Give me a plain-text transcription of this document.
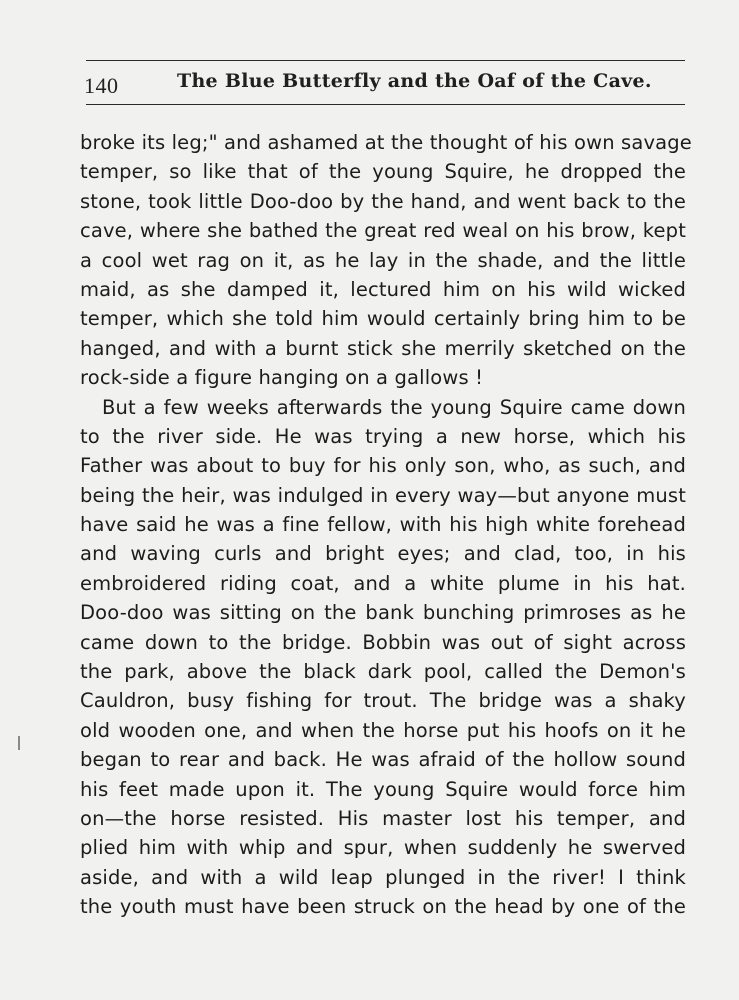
140	The Blue Butterfly and the Oaf of the Cave.
broke its leg;" and ashamed at the thought of his own savage
temper, so like that of the young Squire, he dropped the
stone, took little Doo-doo by the hand, and went back to the
cave, where she bathed the great red weal on his brow, kept
a cool wet rag on it, as he lay in the shade, and the little
maid, as she damped it, lectured him on his wild wicked
temper, which she told him would certainly bring him to be
hanged, and with a burnt stick she merrily sketched on the
rock-side a figure hanging on a gallows !
But a few weeks afterwards the young Squire came down
to the river side. He was trying a new horse, which his
Father was about to buy for his only son, who, as such, and
being the heir, was indulged in every way—but anyone must
have said he was a fine fellow, with his high white forehead
and waving curls and bright eyes; and clad, too, in his
embroidered riding coat, and a white plume in his hat.
Doo-doo was sitting on the bank bunching primroses as he
came down to the bridge. Bobbin was out of sight across
the park, above the black dark pool, called the Demon's
Cauldron, busy fishing for trout. The bridge was a shaky
old wooden one, and when the horse put his hoofs on it he
began to rear and back. He was afraid of the hollow sound
his feet made upon it. The young Squire would force him
on—the horse resisted. His master lost his temper, and
plied him with whip and spur, when suddenly he swerved
aside, and with a wild leap plunged in the river! I think
the youth must have been struck on the head by one of the
